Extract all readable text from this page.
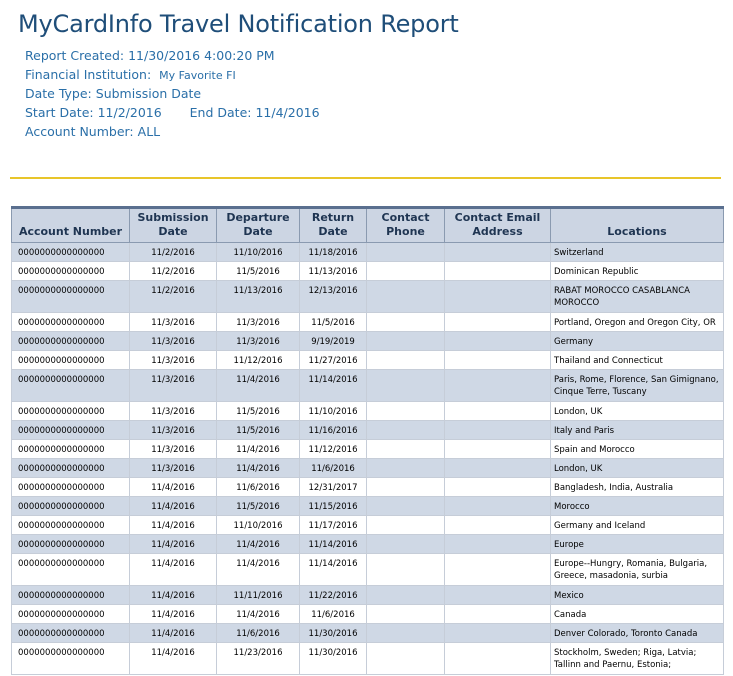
MyCardInfo Travel Notification Report
Report Created: 11/30/2016 4:00:20 PM
Financial Institution: My Favorite FI
Date Type: Submission Date
Start Date: 11/2/2016 End Date: 11/4/2016
Account Number: ALL
Account Number	Submission Date	Departure Date	Return Date	Contact Phone	Contact Email Address	Locations
0000000000000000	11/2/2016	11/10/2016	11/18/2016			Switzerland
0000000000000000	11/2/2016	11/5/2016	11/13/2016			Dominican Republic
0000000000000000	11/2/2016	11/13/2016	12/13/2016			RABAT MOROCCO CASABLANCA MOROCCO
0000000000000000	11/3/2016	11/3/2016	11/5/2016			Portland, Oregon and Oregon City, OR
0000000000000000	11/3/2016	11/3/2016	9/19/2019			Germany
0000000000000000	11/3/2016	11/12/2016	11/27/2016			Thailand and Connecticut
0000000000000000	11/3/2016	11/4/2016	11/14/2016			Paris, Rome, Florence, San Gimignano, Cinque Terre, Tuscany
0000000000000000	11/3/2016	11/5/2016	11/10/2016			London, UK
0000000000000000	11/3/2016	11/5/2016	11/16/2016			Italy and Paris
0000000000000000	11/3/2016	11/4/2016	11/12/2016			Spain and Morocco
0000000000000000	11/3/2016	11/4/2016	11/6/2016			London, UK
0000000000000000	11/4/2016	11/6/2016	12/31/2017			Bangladesh, India, Australia
0000000000000000	11/4/2016	11/5/2016	11/15/2016			Morocco
0000000000000000	11/4/2016	11/10/2016	11/17/2016			Germany and Iceland
0000000000000000	11/4/2016	11/4/2016	11/14/2016			Europe
0000000000000000	11/4/2016	11/4/2016	11/14/2016			Europe--Hungry, Romania, Bulgaria, Greece, masadonia, surbia
0000000000000000	11/4/2016	11/11/2016	11/22/2016			Mexico
0000000000000000	11/4/2016	11/4/2016	11/6/2016			Canada
0000000000000000	11/4/2016	11/6/2016	11/30/2016			Denver Colorado, Toronto Canada
0000000000000000	11/4/2016	11/23/2016	11/30/2016			Stockholm, Sweden; Riga, Latvia; Tallinn and Paernu, Estonia;
